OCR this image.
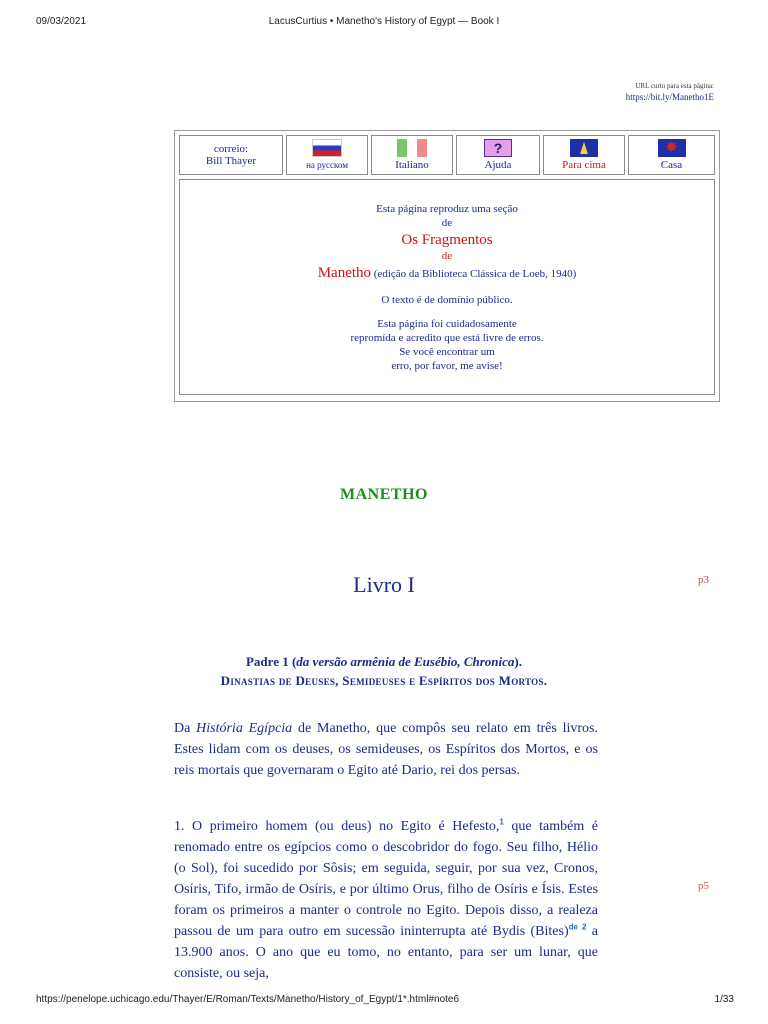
09/03/2021	LacusCurtius • Manetho's History of Egypt — Book I
URL curto para esta página:
https://bit.ly/Manetho1E
correio:
Bill Thayer	на русском	Italiano
?
Ajuda	Para cima
✸	Casa
Esta página reproduz uma seção
de
Os Fragmentos
de
Manetho (edição da Biblioteca Clássica de Loeb, 1940)
O texto é de domínio público.
Esta página foi cuidadosamente
repromída e acredito que está livre de erros.
Se você encontrar um
erro, por favor, me avise!
MANETHO
Livro I	p3
p5
Padre 1 (da versão armênia de Eusébio, Chronica).
Dinastias de Deuses, Semideuses e Espíritos dos Mortos.
Da História Egípcia de Manetho, que compôs seu relato em três livros. Estes lidam com os deuses, os semideuses, os Espíritos dos Mortos, e os reis mortais que governaram o Egito até Dario, rei dos persas.
1. O primeiro homem (ou deus) no Egito é Hefesto,$^1$ que também é renomado entre os egípcios como o descobridor do fogo. Seu filho, Hélio (o Sol), foi sucedido por Sôsis; em seguida, seguir, por sua vez, Cronos, Osíris, Tifo, irmão de Osíris, e por último Orus, filho de Osíris e Ísis. Estes foram os primeiros a manter o controle no Egito. Depois disso, a realeza passou de um para outro em sucessão ininterrupta até Bydis (Bites)$^{de 2}$ a 13.900 anos. O ano que eu tomo, no entanto, para ser um lunar, que consiste, ou seja,
https://penelope.uchicago.edu/Thayer/E/Roman/Texts/Manetho/History_of_Egypt/1*.html#note6	1/33
